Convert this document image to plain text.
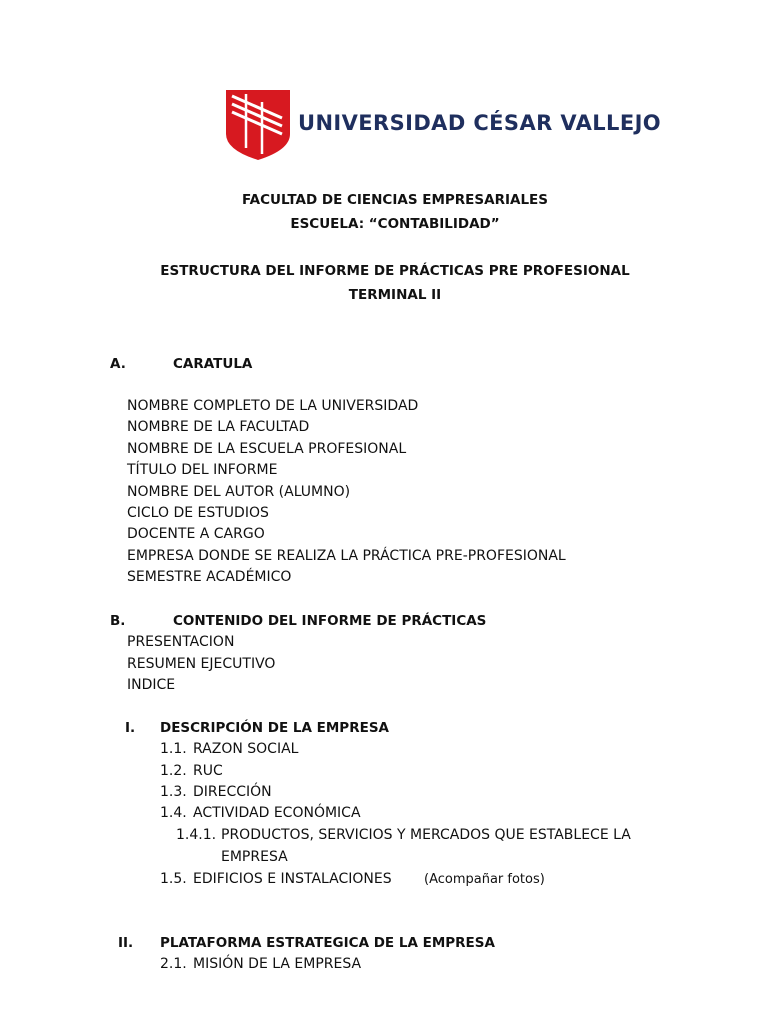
UNIVERSIDAD CÉSAR VALLEJO
FACULTAD DE CIENCIAS EMPRESARIALES
ESCUELA: “CONTABILIDAD”
ESTRUCTURA DEL INFORME DE PRÁCTICAS PRE PROFESIONAL
TERMINAL II
A.	CARATULA
NOMBRE COMPLETO DE LA UNIVERSIDAD
NOMBRE DE LA FACULTAD
NOMBRE DE LA ESCUELA PROFESIONAL
TÍTULO DEL INFORME
NOMBRE DEL AUTOR (ALUMNO)
CICLO DE ESTUDIOS
DOCENTE A CARGO
EMPRESA DONDE SE REALIZA LA PRÁCTICA PRE-PROFESIONAL
SEMESTRE ACADÉMICO
B.	CONTENIDO DEL INFORME DE PRÁCTICAS
PRESENTACION
RESUMEN EJECUTIVO
INDICE
I. DESCRIPCIÓN DE LA EMPRESA
1.1. RAZON SOCIAL
1.2. RUC
1.3. DIRECCIÓN
1.4. ACTIVIDAD ECONÓMICA
1.4.1. PRODUCTOS, SERVICIOS Y MERCADOS QUE ESTABLECE LA
EMPRESA
1.5. EDIFICIOS E INSTALACIONES (Acompañar fotos)
II. PLATAFORMA ESTRATEGICA DE LA EMPRESA
2.1. MISIÓN DE LA EMPRESA
